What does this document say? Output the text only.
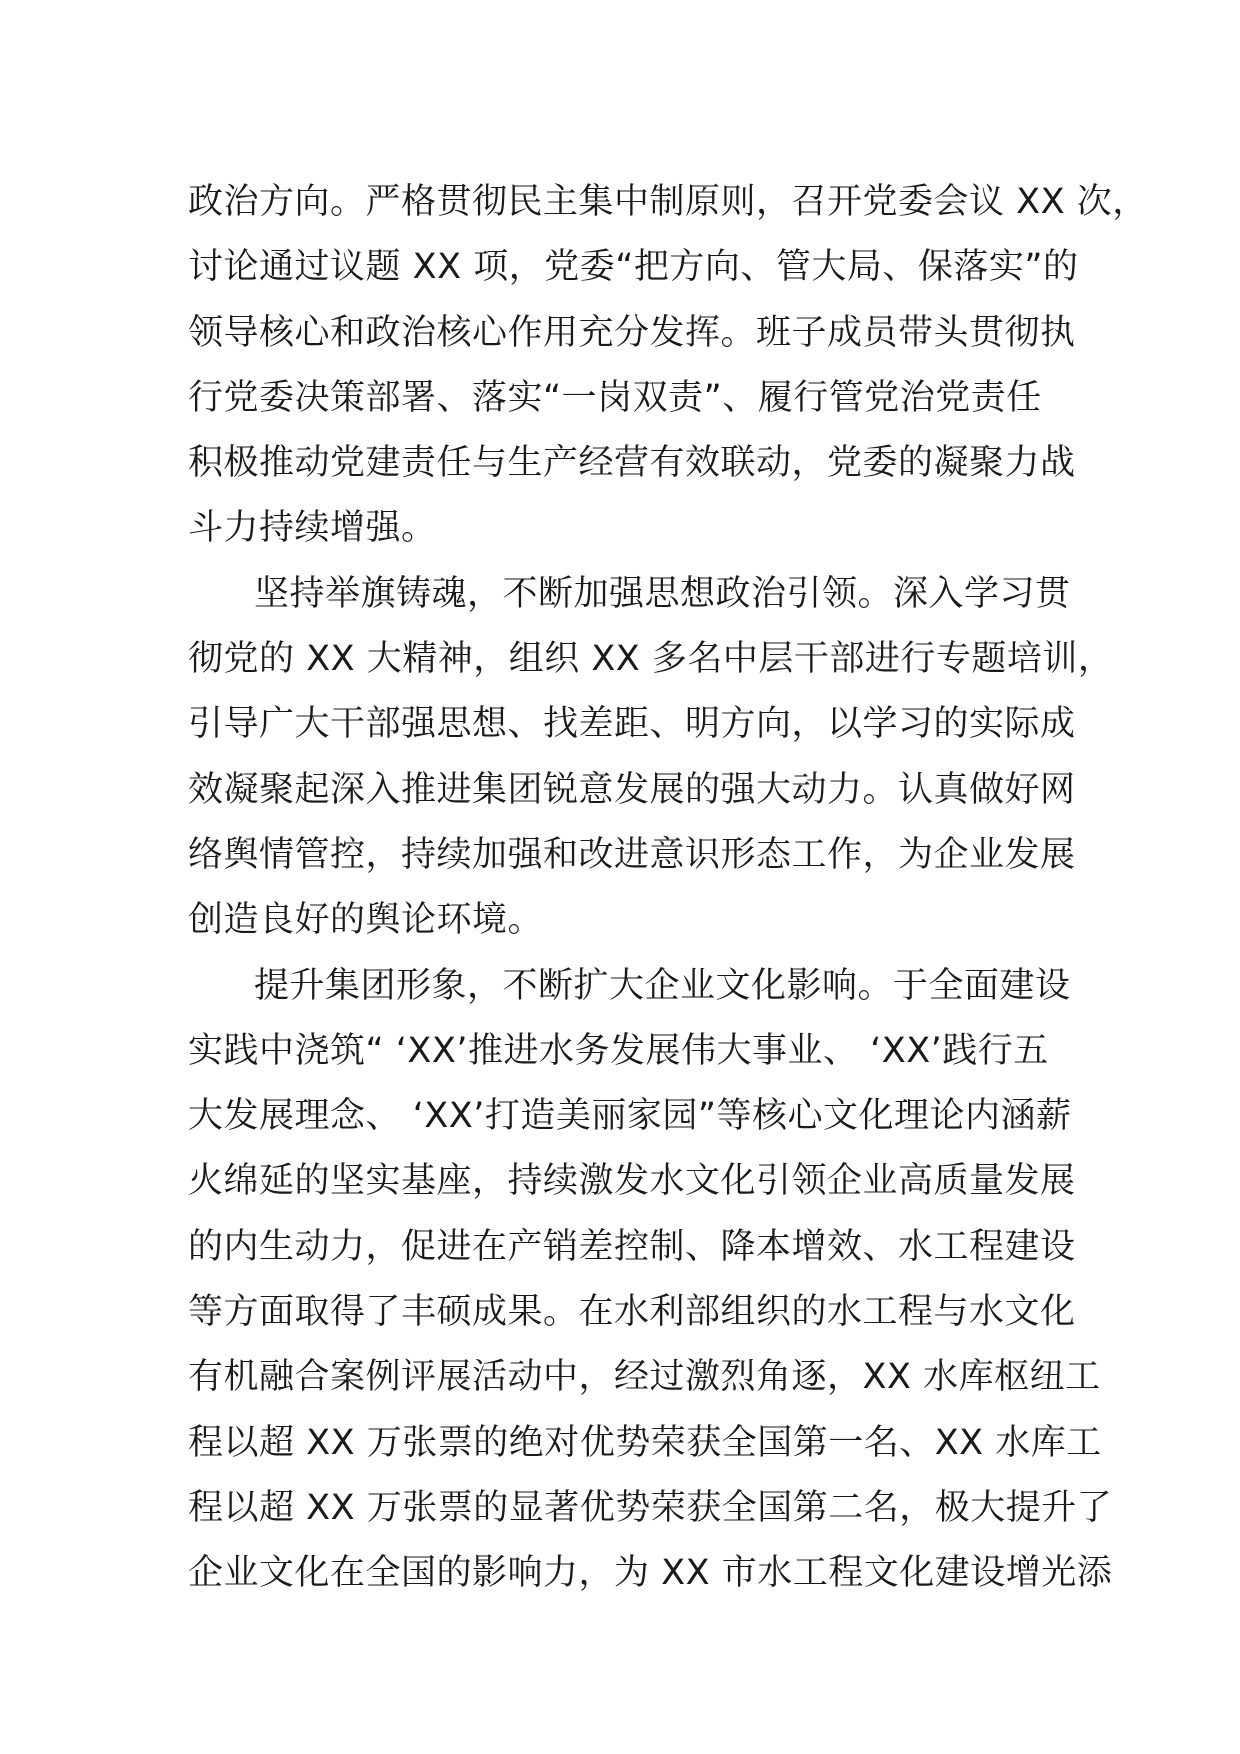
政治方向。严格贯彻民主集中制原则，召开党委会议 XX 次，
讨论通过议题 XX 项，党委“把方向、管大局、保落实”的
领导核心和政治核心作用充分发挥。班子成员带头贯彻执
行党委决策部署、落实“一岗双责”、履行管党治党责任
积极推动党建责任与生产经营有效联动，党委的凝聚力战
斗力持续增强。
坚持举旗铸魂，不断加强思想政治引领。深入学习贯
彻党的 XX 大精神，组织 XX 多名中层干部进行专题培训，
引导广大干部强思想、找差距、明方向，以学习的实际成
效凝聚起深入推进集团锐意发展的强大动力。认真做好网
络舆情管控，持续加强和改进意识形态工作，为企业发展
创造良好的舆论环境。
提升集团形象，不断扩大企业文化影响。于全面建设
实践中浇筑“ ‘XX’推进水务发展伟大事业、 ‘XX’践行五
大发展理念、 ‘XX’打造美丽家园”等核心文化理论内涵薪
火绵延的坚实基座，持续激发水文化引领企业高质量发展
的内生动力，促进在产销差控制、降本增效、水工程建设
等方面取得了丰硕成果。在水利部组织的水工程与水文化
有机融合案例评展活动中，经过激烈角逐，XX 水库枢纽工
程以超 XX 万张票的绝对优势荣获全国第一名、XX 水库工
程以超 XX 万张票的显著优势荣获全国第二名，极大提升了
企业文化在全国的影响力，为 XX 市水工程文化建设增光添
